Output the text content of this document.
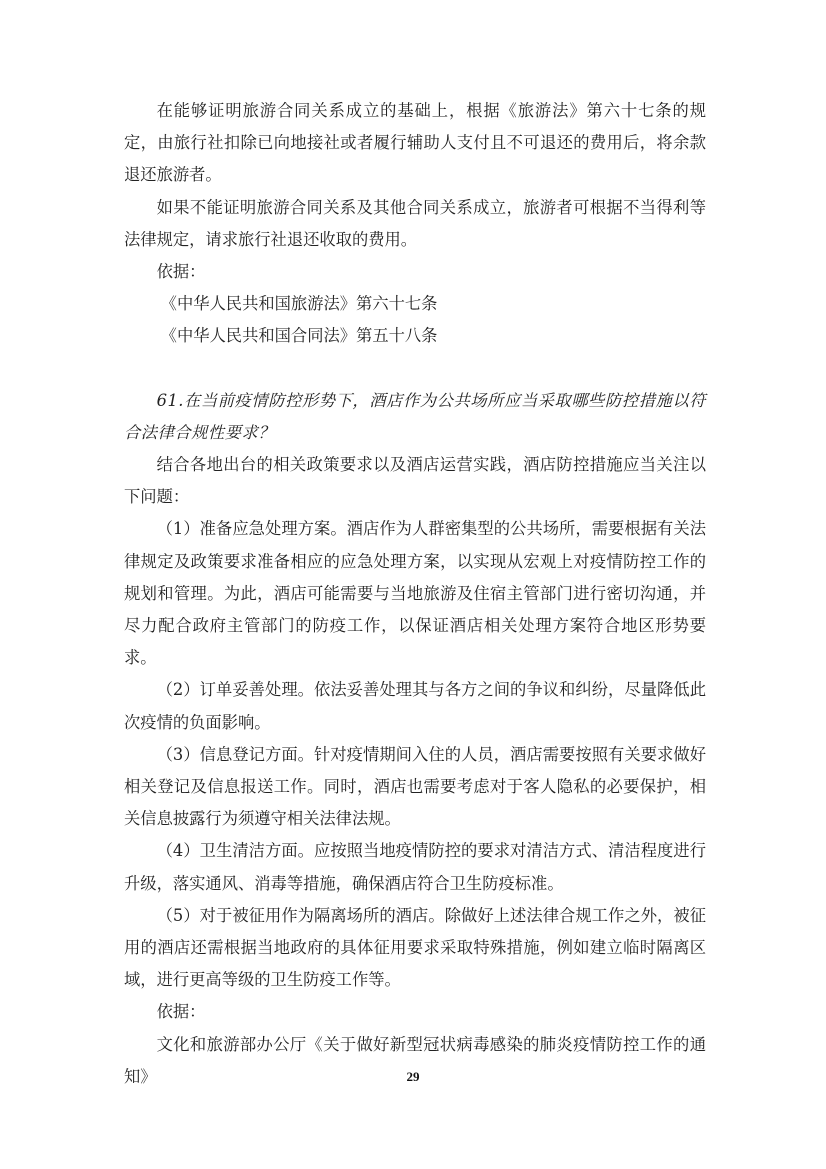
在能够证明旅游合同关系成立的基础上，根据《旅游法》第六十七条的规定，由旅行社扣除已向地接社或者履行辅助人支付且不可退还的费用后，将余款退还旅游者。

如果不能证明旅游合同关系及其他合同关系成立，旅游者可根据不当得利等法律规定，请求旅行社退还收取的费用。

依据：

《中华人民共和国旅游法》第六十七条

《中华人民共和国合同法》第五十八条

61.在当前疫情防控形势下，酒店作为公共场所应当采取哪些防控措施以符合法律合规性要求？

结合各地出台的相关政策要求以及酒店运营实践，酒店防控措施应当关注以下问题：

（1）准备应急处理方案。酒店作为人群密集型的公共场所，需要根据有关法律规定及政策要求准备相应的应急处理方案，以实现从宏观上对疫情防控工作的规划和管理。为此，酒店可能需要与当地旅游及住宿主管部门进行密切沟通，并尽力配合政府主管部门的防疫工作，以保证酒店相关处理方案符合地区形势要求。

（2）订单妥善处理。依法妥善处理其与各方之间的争议和纠纷，尽量降低此次疫情的负面影响。

（3）信息登记方面。针对疫情期间入住的人员，酒店需要按照有关要求做好相关登记及信息报送工作。同时，酒店也需要考虑对于客人隐私的必要保护，相关信息披露行为须遵守相关法律法规。

（4）卫生清洁方面。应按照当地疫情防控的要求对清洁方式、清洁程度进行升级，落实通风、消毒等措施，确保酒店符合卫生防疫标准。

（5）对于被征用作为隔离场所的酒店。除做好上述法律合规工作之外，被征用的酒店还需根据当地政府的具体征用要求采取特殊措施，例如建立临时隔离区域，进行更高等级的卫生防疫工作等。

依据：

文化和旅游部办公厅《关于做好新型冠状病毒感染的肺炎疫情防控工作的通知》	29
